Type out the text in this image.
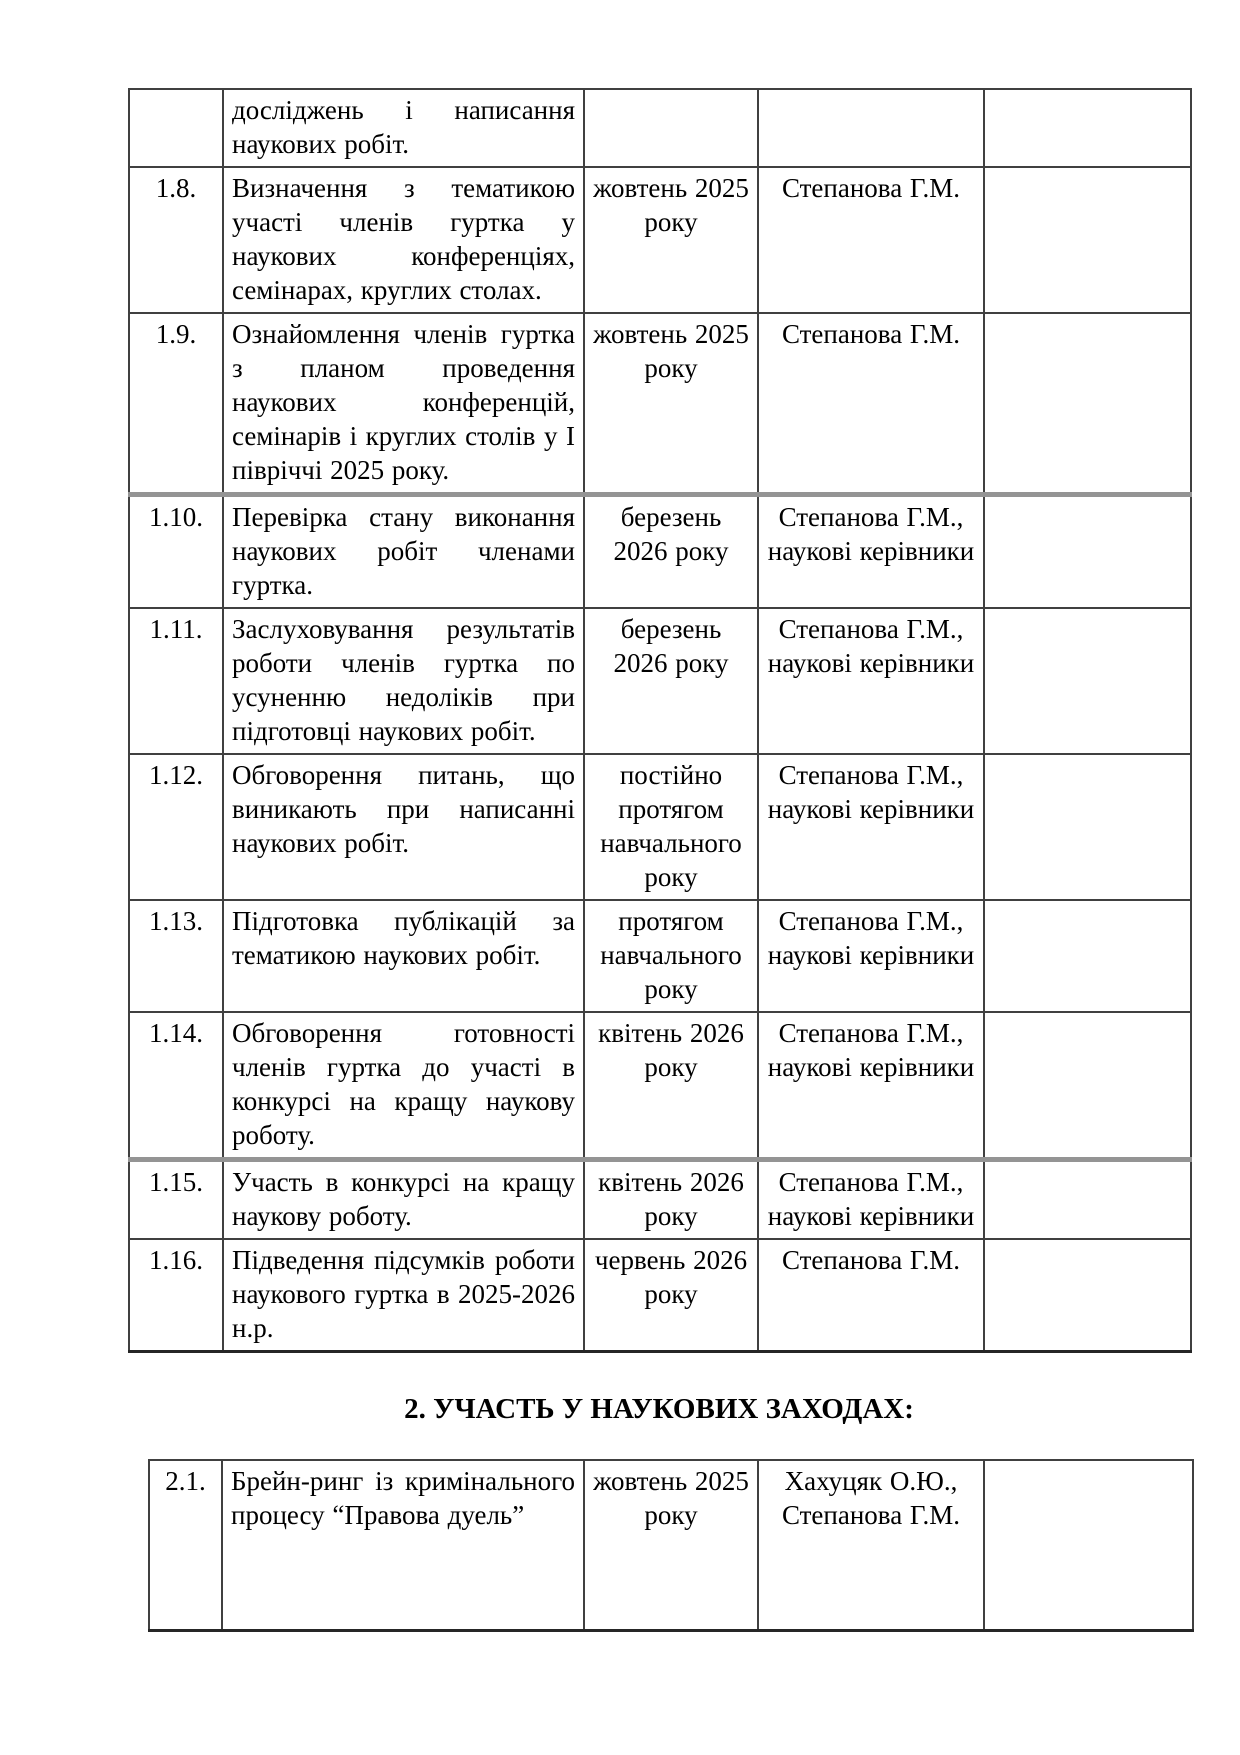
	досліджень і написання наукових робіт.			
1.8.	Визначення з тематикою участі членів гуртка у наукових конференціях, семінарах, круглих столах.	жовтень 2025 року	Степанова Г.М.	
1.9.	Ознайомлення членів гуртка з планом проведення наукових конференцій, семінарів і круглих столів у І півріччі 2025 року.	жовтень 2025 року	Степанова Г.М.	
1.10.	Перевірка стану виконання наукових робіт членами гуртка.	березень 2026 року	Степанова Г.М., наукові керівники	
1.11.	Заслуховування результатів роботи членів гуртка по усуненню недоліків при підготовці наукових робіт.	березень 2026 року	Степанова Г.М., наукові керівники	
1.12.	Обговорення питань, що виникають при написанні наукових робіт.	постійно протягом навчального року	Степанова Г.М., наукові керівники	
1.13.	Підготовка публікацій за тематикою наукових робіт.	протягом навчального року	Степанова Г.М., наукові керівники	
1.14.	Обговорення готовності членів гуртка до участі в конкурсі на кращу наукову роботу.	квітень 2026 року	Степанова Г.М., наукові керівники	
1.15.	Участь в конкурсі на кращу наукову роботу.	квітень 2026 року	Степанова Г.М., наукові керівники	
1.16.	Підведення підсумків роботи наукового гуртка в 2025-2026 н.р.	червень 2026 року	Степанова Г.М.	
2. УЧАСТЬ У НАУКОВИХ ЗАХОДАХ:
2.1.	Брейн-ринг із кримінального процесу “Правова дуель”	жовтень 2025 року	Хахуцяк О.Ю., Степанова Г.М.	
